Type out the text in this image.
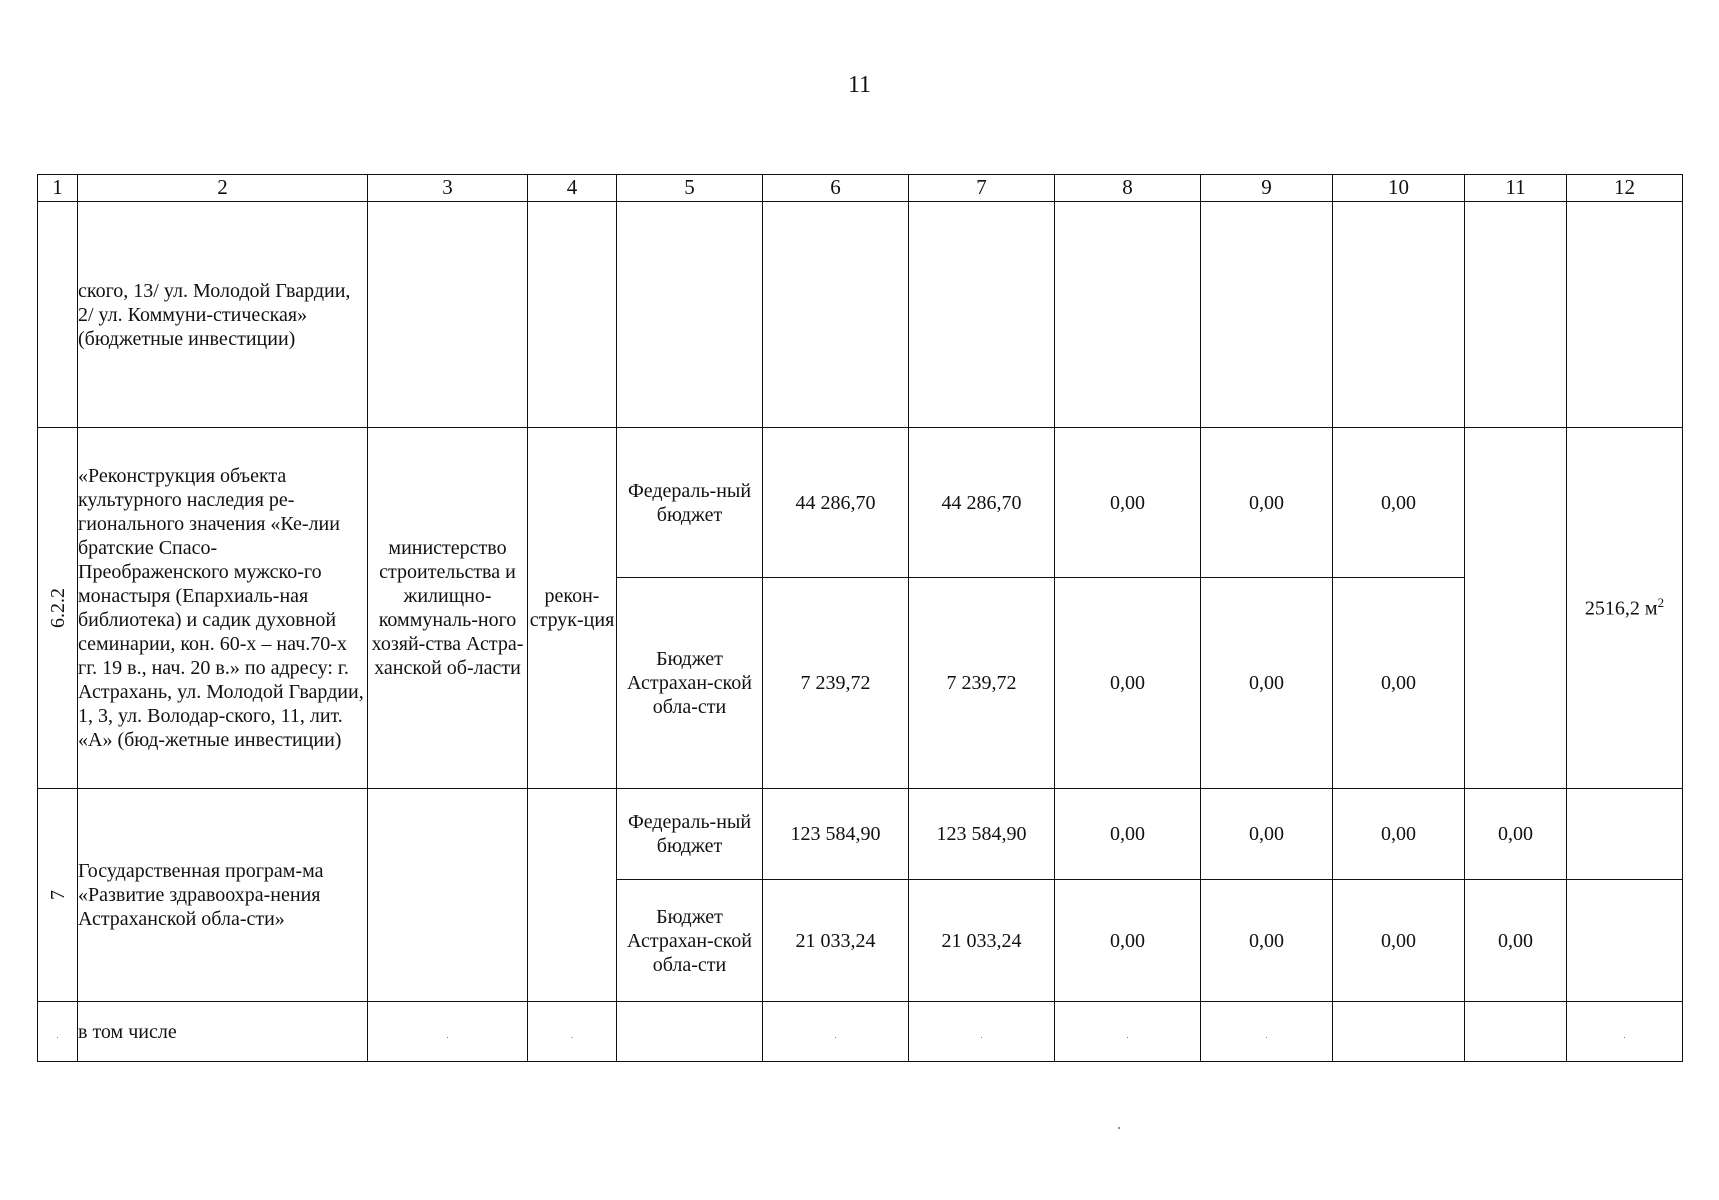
11
1	2	3	4	5	6	7	8	9	10	11	12
	ского, 13/ ул. Молодой Гвардии, 2/ ул. Коммуни-стическая» (бюджетные инвестиции)										
6.2.2	«Реконструкция объекта культурного наследия ре-гионального значения «Ке-лии братские Спасо-Преображенского мужско-го монастыря (Епархиаль-ная библиотека) и садик духовной семинарии, кон. 60-х – нач.70-х гг. 19 в., нач. 20 в.» по адресу: г. Астрахань, ул. Молодой Гвардии, 1, 3, ул. Володар-ского, 11, лит. «А» (бюд-жетные инвестиции)	министерство строительства и жилищно-коммуналь-ного хозяй-ства Астра-ханской об-ласти	рекон-струк-ция	Федераль-ный бюджет	44 286,70	44 286,70	0,00	0,00	0,00		2516,2 $м^2$
				Бюджет Астрахан-ской обла-сти	7 239,72	7 239,72	0,00	0,00	0,00		
7	Государственная програм-ма «Развитие здравоохра-нения Астраханской обла-сти»			Федераль-ный бюджет	123 584,90	123 584,90	0,00	0,00	0,00	0,00	
				Бюджет Астрахан-ской обла-сти	21 033,24	21 033,24	0,00	0,00	0,00	0,00	
.	в том числе	.	.		.	.	.	.			.
